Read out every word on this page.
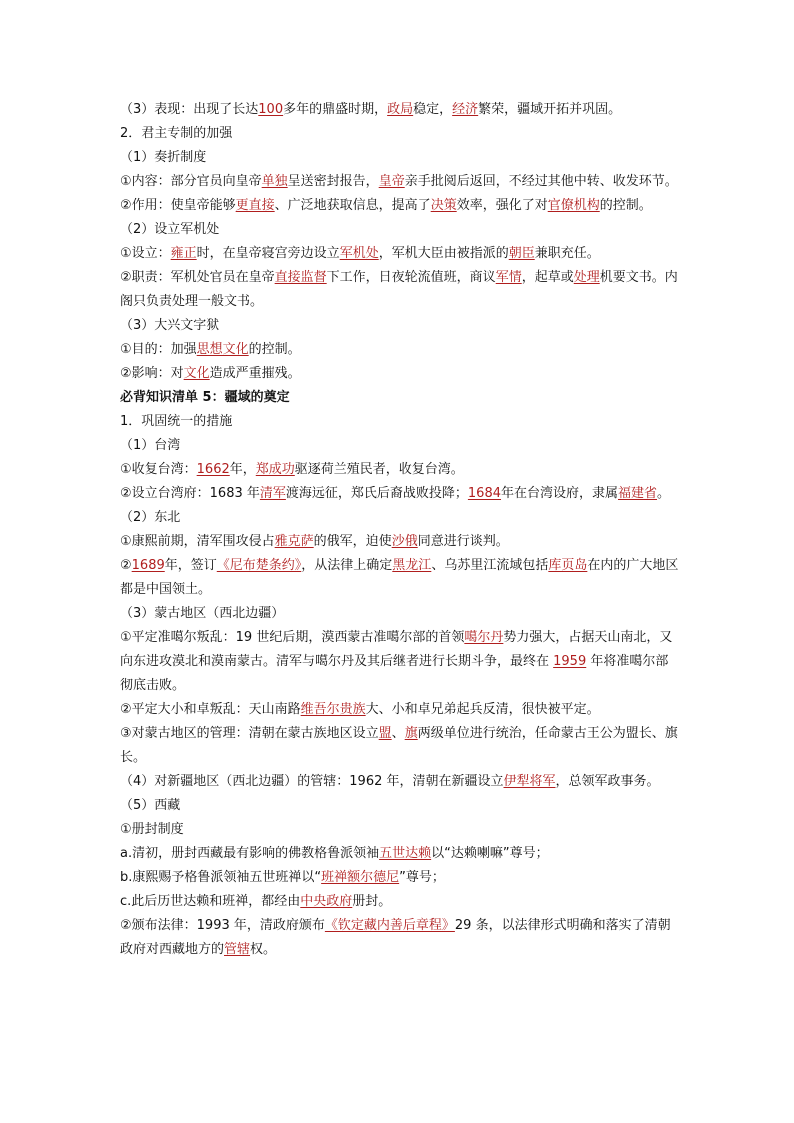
（3）表现：出现了长达100多年的鼎盛时期，政局稳定，经济繁荣，疆域开拓并巩固。
2．君主专制的加强
（1）奏折制度
①内容：部分官员向皇帝单独呈送密封报告，皇帝亲手批阅后返回，不经过其他中转、收发环节。
②作用：使皇帝能够更直接、广泛地获取信息，提高了决策效率，强化了对官僚机构的控制。
（2）设立军机处
①设立：雍正时，在皇帝寝宫旁边设立军机处，军机大臣由被指派的朝臣兼职充任。
②职责：军机处官员在皇帝直接监督下工作，日夜轮流值班，商议军情，起草或处理机要文书。内阁只负责处理一般文书。
（3）大兴文字狱
①目的：加强思想文化的控制。
②影响：对文化造成严重摧残。
必背知识清单 5：疆域的奠定
1．巩固统一的措施
（1）台湾
①收复台湾：1662年，郑成功驱逐荷兰殖民者，收复台湾。
②设立台湾府：1683 年清军渡海远征，郑氏后裔战败投降；1684年在台湾设府，隶属福建省。
（2）东北
①康熙前期，清军围攻侵占雅克萨的俄军，迫使沙俄同意进行谈判。
②1689年，签订《尼布楚条约》，从法律上确定黑龙江、乌苏里江流域包括库页岛在内的广大地区都是中国领土。
（3）蒙古地区（西北边疆）
①平定准噶尔叛乱：19 世纪后期，漠西蒙古准噶尔部的首领噶尔丹势力强大，占据天山南北，又向东进攻漠北和漠南蒙古。清军与噶尔丹及其后继者进行长期斗争，最终在 1959 年将准噶尔部彻底击败。
②平定大小和卓叛乱：天山南路维吾尔贵族大、小和卓兄弟起兵反清，很快被平定。
③对蒙古地区的管理：清朝在蒙古族地区设立盟、旗两级单位进行统治，任命蒙古王公为盟长、旗长。
（4）对新疆地区（西北边疆）的管辖：1962 年，清朝在新疆设立伊犁将军，总领军政事务。
（5）西藏
①册封制度
a.清初，册封西藏最有影响的佛教格鲁派领袖五世达赖以“达赖喇嘛”尊号；
b.康熙赐予格鲁派领袖五世班禅以“班禅额尔德尼”尊号；
c.此后历世达赖和班禅，都经由中央政府册封。
②颁布法律：1993 年，清政府颁布《钦定藏内善后章程》29 条，以法律形式明确和落实了清朝政府对西藏地方的管辖权。
